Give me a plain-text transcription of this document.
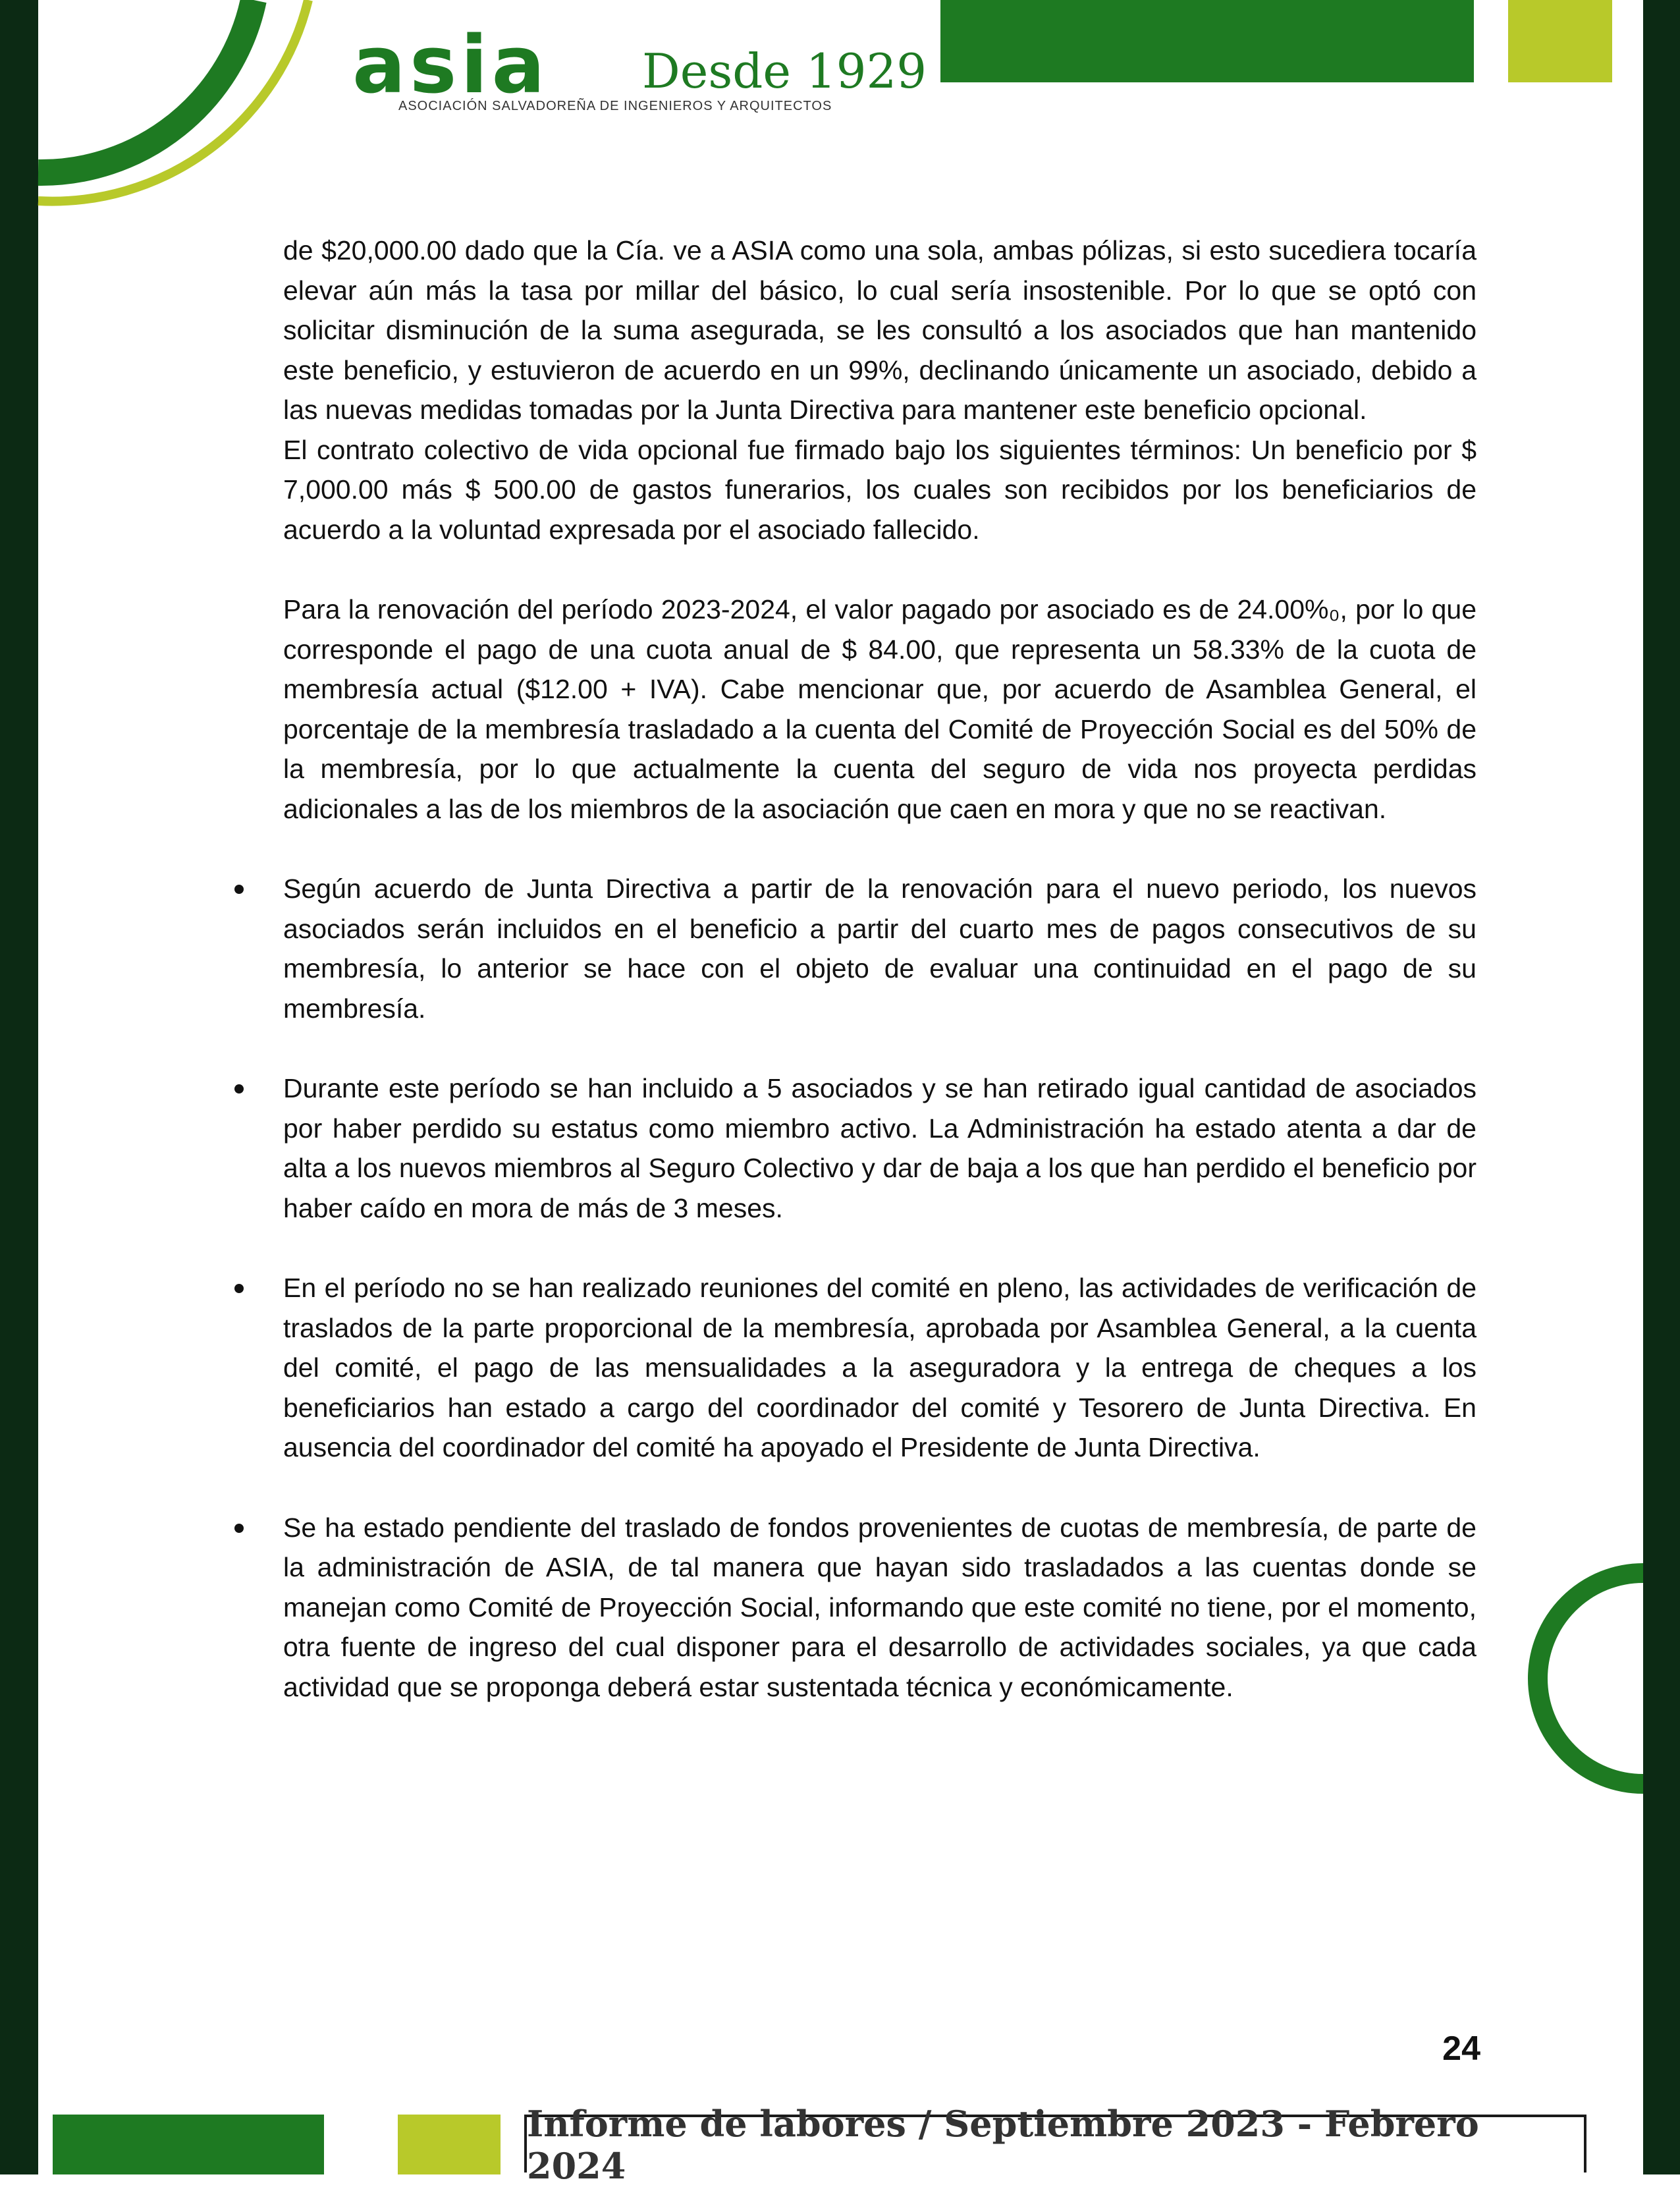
asia Desde 1929
ASOCIACIÓN SALVADOREÑA DE INGENIEROS Y ARQUITECTOS

de $20,000.00 dado que la Cía. ve a ASIA como una sola, ambas pólizas, si esto sucediera tocaría elevar aún más la tasa por millar del básico, lo cual sería insostenible. Por lo que se optó con solicitar disminución de la suma asegurada, se les consultó a los asociados que han mantenido este beneficio, y estuvieron de acuerdo en un 99%, declinando únicamente un asociado, debido a las nuevas medidas tomadas por la Junta Directiva para mantener este beneficio opcional.

El contrato colectivo de vida opcional fue firmado bajo los siguientes términos: Un beneficio por $ 7,000.00 más $ 500.00 de gastos funerarios, los cuales son recibidos por los beneficiarios de acuerdo a la voluntad expresada por el asociado fallecido.

Para la renovación del período 2023-2024, el valor pagado por asociado es de 24.00%₀, por lo que corresponde el pago de una cuota anual de $ 84.00, que representa un 58.33% de la cuota de membresía actual ($12.00 + IVA). Cabe mencionar que, por acuerdo de Asamblea General, el porcentaje de la membresía trasladado a la cuenta del Comité de Proyección Social es del 50% de la membresía, por lo que actualmente la cuenta del seguro de vida nos proyecta perdidas adicionales a las de los miembros de la asociación que caen en mora y que no se reactivan.

Según acuerdo de Junta Directiva a partir de la renovación para el nuevo periodo, los nuevos asociados serán incluidos en el beneficio a partir del cuarto mes de pagos consecutivos de su membresía, lo anterior se hace con el objeto de evaluar una continuidad en el pago de su membresía.
Durante este período se han incluido a 5 asociados y se han retirado igual cantidad de asociados por haber perdido su estatus como miembro activo. La Administración ha estado atenta a dar de alta a los nuevos miembros al Seguro Colectivo y dar de baja a los que han perdido el beneficio por haber caído en mora de más de 3 meses.
En el período no se han realizado reuniones del comité en pleno, las actividades de verificación de traslados de la parte proporcional de la membresía, aprobada por Asamblea General, a la cuenta del comité, el pago de las mensualidades a la aseguradora y la entrega de cheques a los beneficiarios han estado a cargo del coordinador del comité y Tesorero de Junta Directiva. En ausencia del coordinador del comité ha apoyado el Presidente de Junta Directiva.
Se ha estado pendiente del traslado de fondos provenientes de cuotas de membresía, de parte de la administración de ASIA, de tal manera que hayan sido trasladados a las cuentas donde se manejan como Comité de Proyección Social, informando que este comité no tiene, por el momento, otra fuente de ingreso del cual disponer para el desarrollo de actividades sociales, ya que cada actividad que se proponga deberá estar sustentada técnica y económicamente.
24
Informe de labores / Septiembre 2023 - Febrero 2024
